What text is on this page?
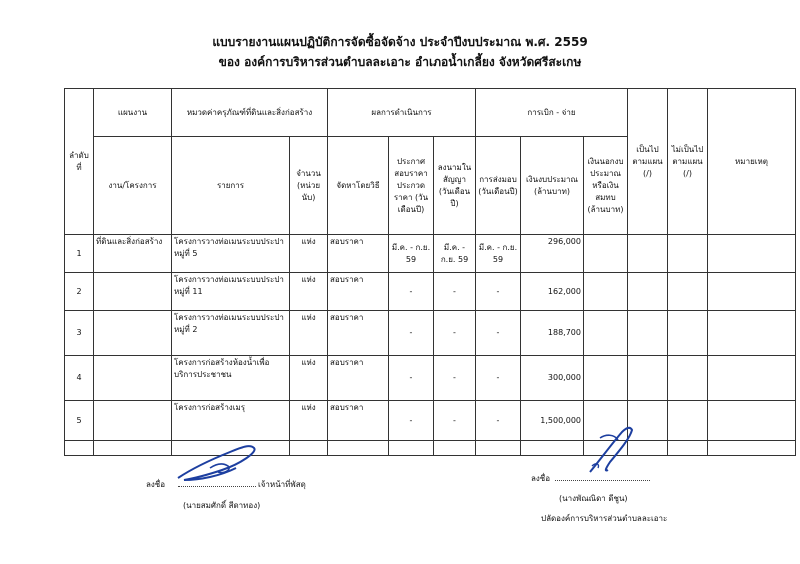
แบบรายงานแผนปฏิบัติการจัดซื้อจัดจ้าง ประจำปีงบประมาณ พ.ศ. 2559
ของ องค์การบริหารส่วนตำบลละเอาะ อำเภอน้ำเกลี้ยง จังหวัดศรีสะเกษ
ลำดับที่	แผนงาน	หมวดค่าครุภัณฑ์ที่ดินและสิ่งก่อสร้าง		ผลการดำเนินการ			การเบิก - จ่าย			เป็นไปตามแผน (/)	ไม่เป็นไปตามแผน (/)	หมายเหตุ
	งาน/โครงการ	รายการ	จำนวน (หน่วยนับ)	จัดหาโดยวิธี	ประกาศสอบราคาประกวดราคา (วันเดือนปี)	ลงนามในสัญญา (วันเดือนปี)	การส่งมอบ (วันเดือนปี)	เงินงบประมาณ (ล้านบาท)	เงินนอกงบประมาณหรือเงินสมทบ (ล้านบาท)			
1	ที่ดินและสิ่งก่อสร้าง	โครงการวางท่อเมนระบบประปา หมู่ที่ 5	แห่ง	สอบราคา	มี.ค. - ก.ย. 59	มี.ค. - ก.ย. 59	มี.ค. - ก.ย. 59	296,000				
2		โครงการวางท่อเมนระบบประปา หมู่ที่ 11	แห่ง	สอบราคา	-	-	-	162,000				
3		โครงการวางท่อเมนระบบประปา หมู่ที่ 2	แห่ง	สอบราคา	-	-	-	188,700				
4		โครงการก่อสร้างห้องน้ำเพื่อบริการประชาชน	แห่ง	สอบราคา	-	-	-	300,000				
5		โครงการก่อสร้างเมรุ	แห่ง	สอบราคา	-	-	-	1,500,000				

ลงชื่อ	เจ้าหน้าที่พัสดุ
(นายสมศักดิ์ สีดาทอง)
ลงชื่อ
(นางพัณณิดา ดีชูน)
ปลัดองค์การบริหารส่วนตำบลละเอาะ
